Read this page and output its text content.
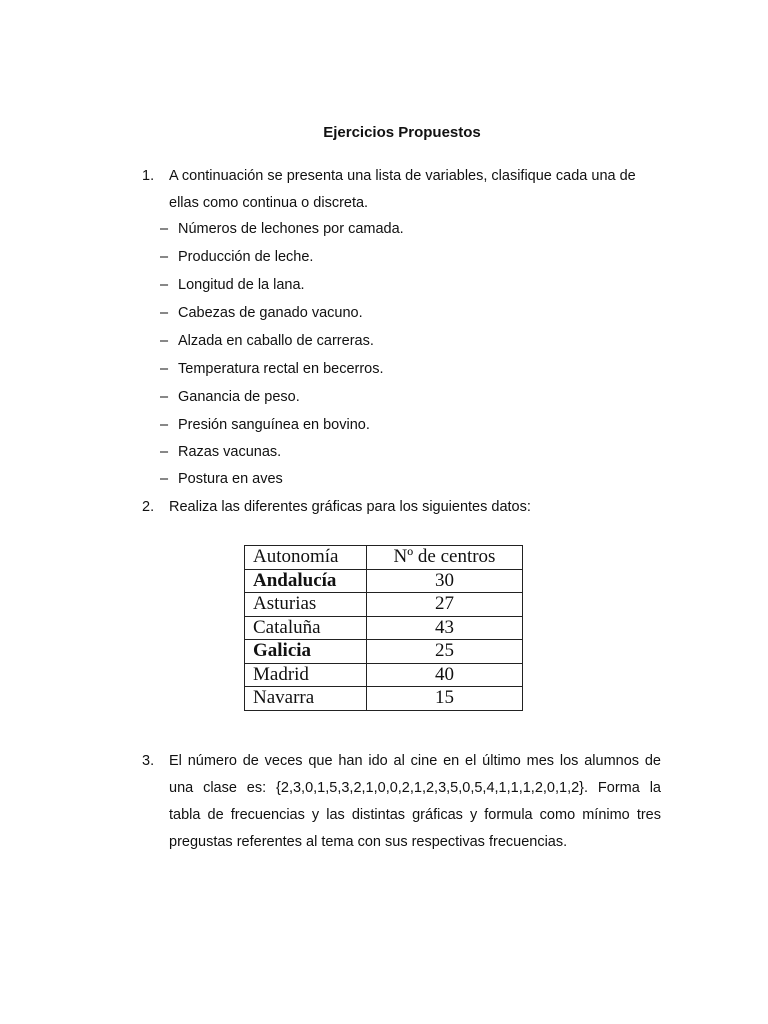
Ejercicios Propuestos
1. A continuación se presenta una lista de variables, clasifique cada una de ellas como continua o discreta.
– Números de lechones por camada.
– Producción de leche.
– Longitud de la lana.
– Cabezas de ganado vacuno.
– Alzada en caballo de carreras.
– Temperatura rectal en becerros.
– Ganancia de peso.
– Presión sanguínea en bovino.
– Razas vacunas.
– Postura en aves
2. Realiza las diferentes gráficas para los siguientes datos:
Autonomía	Nº de centros
Andalucía	30
Asturias	27
Cataluña	43
Galicia	25
Madrid	40
Navarra	15
3. El número de veces que han ido al cine en el último mes los alumnos de una clase es: {2,3,0,1,5,3,2,1,0,0,2,1,2,3,5,0,5,4,1,1,1,2,0,1,2}. Forma la tabla de frecuencias y las distintas gráficas y formula como mínimo tres pregustas referentes al tema con sus respectivas frecuencias.
